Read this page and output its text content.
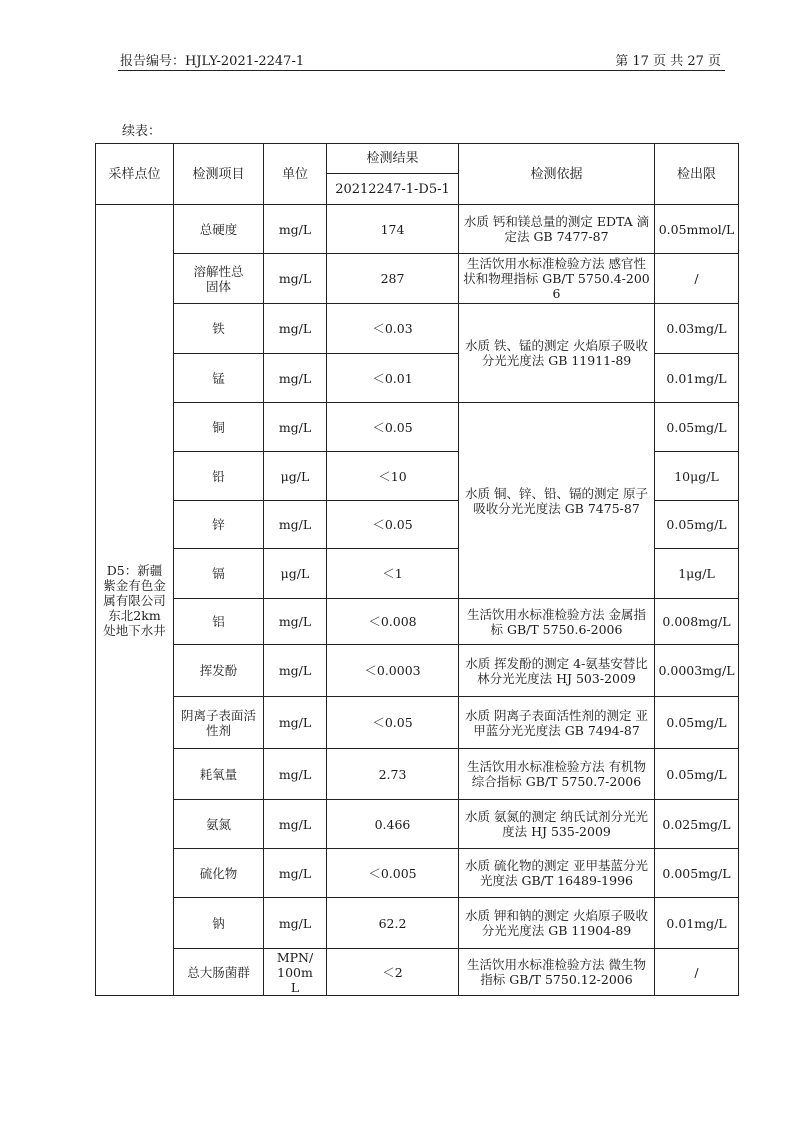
报告编号：HJLY-2021-2247-1	第 17 页 共 27 页
续表：
采样点位	检测项目	单位	检测结果	检测依据	检出限
			20212247-1-D5-1		
D5：新疆紫金有色金属有限公司东北2km 处地下水井	总硬度	mg/L	174	水质 钙和镁总量的测定 EDTA 滴定法 GB 7477-87	0.05mmol/L
	溶解性总固体	mg/L	287	生活饮用水标准检验方法 感官性状和物理指标 GB/T 5750.4-2006	/
	铁	mg/L	＜0.03	水质 铁、锰的测定 火焰原子吸收分光光度法 GB 11911-89	0.03mg/L
	锰	mg/L	＜0.01		0.01mg/L
	铜	mg/L	＜0.05	水质 铜、锌、铅、镉的测定 原子吸收分光光度法 GB 7475-87	0.05mg/L
	铅	μg/L	＜10		10μg/L
	锌	mg/L	＜0.05		0.05mg/L
	镉	μg/L	＜1		1μg/L
	铝	mg/L	＜0.008	生活饮用水标准检验方法 金属指标 GB/T 5750.6-2006	0.008mg/L
	挥发酚	mg/L	＜0.0003	水质 挥发酚的测定 4-氨基安替比林分光光度法 HJ 503-2009	0.0003mg/L
	阴离子表面活性剂	mg/L	＜0.05	水质 阴离子表面活性剂的测定 亚甲蓝分光光度法 GB 7494-87	0.05mg/L
	耗氧量	mg/L	2.73	生活饮用水标准检验方法 有机物综合指标 GB/T 5750.7-2006	0.05mg/L
	氨氮	mg/L	0.466	水质 氨氮的测定 纳氏试剂分光光度法 HJ 535-2009	0.025mg/L
	硫化物	mg/L	＜0.005	水质 硫化物的测定 亚甲基蓝分光光度法 GB/T 16489-1996	0.005mg/L
	钠	mg/L	62.2	水质 钾和钠的测定 火焰原子吸收分光光度法 GB 11904-89	0.01mg/L
	总大肠菌群	MPN/100mL	＜2	生活饮用水标准检验方法 微生物指标 GB/T 5750.12-2006	/
